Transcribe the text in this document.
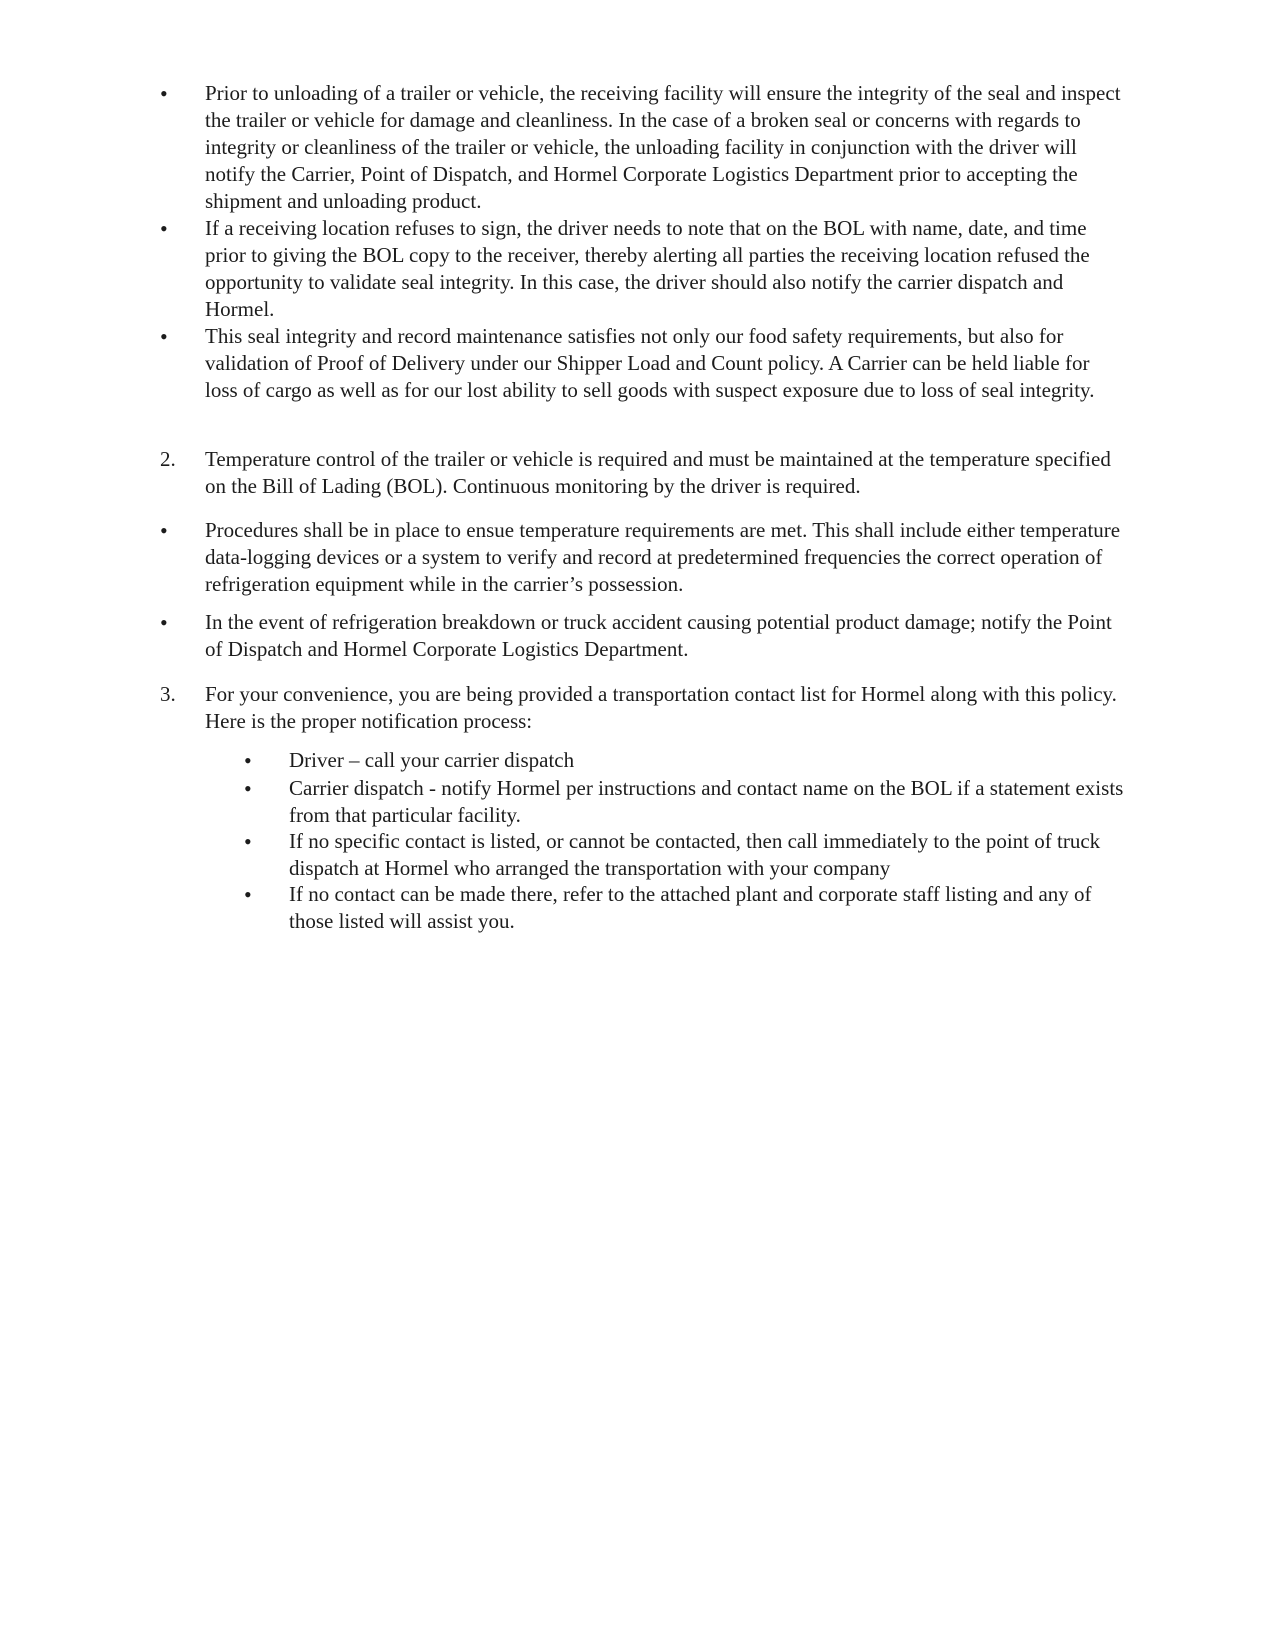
•
Prior to unloading of a trailer or vehicle, the receiving facility will ensure the integrity of the seal and inspect the trailer or vehicle for damage and cleanliness. In the case of a broken seal or concerns with regards to integrity or cleanliness of the trailer or vehicle, the unloading facility in conjunction with the driver will notify the Carrier, Point of Dispatch, and Hormel Corporate Logistics Department prior to accepting the shipment and unloading product.
•
If a receiving location refuses to sign, the driver needs to note that on the BOL with name, date, and time prior to giving the BOL copy to the receiver, thereby alerting all parties the receiving location refused the opportunity to validate seal integrity. In this case, the driver should also notify the carrier dispatch and Hormel.
•
This seal integrity and record maintenance satisfies not only our food safety requirements, but also for validation of Proof of Delivery under our Shipper Load and Count policy. A Carrier can be held liable for loss of cargo as well as for our lost ability to sell goods with suspect exposure due to loss of seal integrity.
2.	Temperature control of the trailer or vehicle is required and must be maintained at the temperature specified on the Bill of Lading (BOL). Continuous monitoring by the driver is required.
•
Procedures shall be in place to ensue temperature requirements are met. This shall include either temperature data-logging devices or a system to verify and record at predetermined frequencies the correct operation of refrigeration equipment while in the carrier’s possession.
•
In the event of refrigeration breakdown or truck accident causing potential product damage; notify the Point of Dispatch and Hormel Corporate Logistics Department.
3.	For your convenience, you are being provided a transportation contact list for Hormel along with this policy. Here is the proper notification process:
•
Driver – call your carrier dispatch
•
Carrier dispatch - notify Hormel per instructions and contact name on the BOL if a statement exists from that particular facility.
•
If no specific contact is listed, or cannot be contacted, then call immediately to the point of truck dispatch at Hormel who arranged the transportation with your company
•
If no contact can be made there, refer to the attached plant and corporate staff listing and any of those listed will assist you.
